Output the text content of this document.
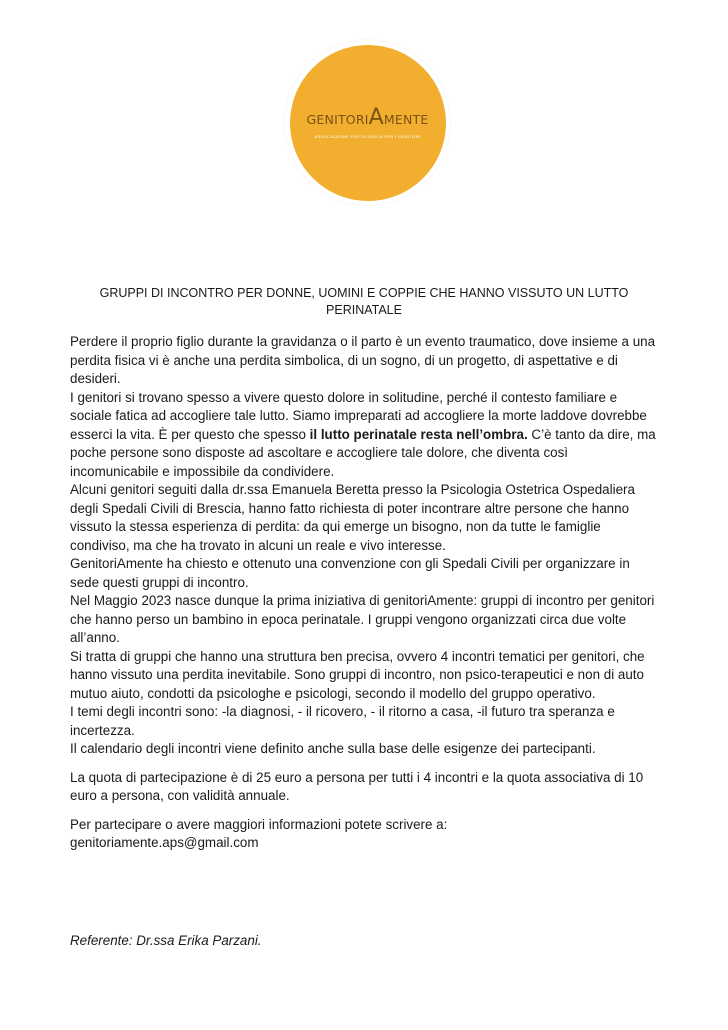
GENITORIAMENTE
ASSOCIAZIONE PSICOLOGICA PER I GENITORI
GRUPPI DI INCONTRO PER DONNE, UOMINI E COPPIE CHE HANNO VISSUTO UN LUTTO PERINATALE

Perdere il proprio figlio durante la gravidanza o il parto è un evento traumatico, dove insieme a una perdita fisica vi è anche una perdita simbolica, di un sogno, di un progetto, di aspettative e di desideri.

I genitori si trovano spesso a vivere questo dolore in solitudine, perché il contesto familiare e sociale fatica ad accogliere tale lutto. Siamo impreparati ad accogliere la morte laddove dovrebbe esserci la vita. È per questo che spesso il lutto perinatale resta nell’ombra. C’è tanto da dire, ma poche persone sono disposte ad ascoltare e accogliere tale dolore, che diventa così incomunicabile e impossibile da condividere.

Alcuni genitori seguiti dalla dr.ssa Emanuela Beretta presso la Psicologia Ostetrica Ospedaliera degli Spedali Civili di Brescia, hanno fatto richiesta di poter incontrare altre persone che hanno vissuto la stessa esperienza di perdita: da qui emerge un bisogno, non da tutte le famiglie condiviso, ma che ha trovato in alcuni un reale e vivo interesse.

GenitoriAmente ha chiesto e ottenuto una convenzione con gli Spedali Civili per organizzare in sede questi gruppi di incontro.

Nel Maggio 2023 nasce dunque la prima iniziativa di genitoriAmente: gruppi di incontro per genitori che hanno perso un bambino in epoca perinatale. I gruppi vengono organizzati circa due volte all’anno.

Si tratta di gruppi che hanno una struttura ben precisa, ovvero 4 incontri tematici per genitori, che hanno vissuto una perdita inevitabile. Sono gruppi di incontro, non psico-terapeutici e non di auto mutuo aiuto, condotti da psicologhe e psicologi, secondo il modello del gruppo operativo.

I temi degli incontri sono: -la diagnosi, - il ricovero, - il ritorno a casa, -il futuro tra speranza e incertezza.

Il calendario degli incontri viene definito anche sulla base delle esigenze dei partecipanti.

La quota di partecipazione è di 25 euro a persona per tutti i 4 incontri e la quota associativa di 10 euro a persona, con validità annuale.

Per partecipare o avere maggiori informazioni potete scrivere a:

genitoriamente.aps@gmail.com

Referente: Dr.ssa Erika Parzani.
